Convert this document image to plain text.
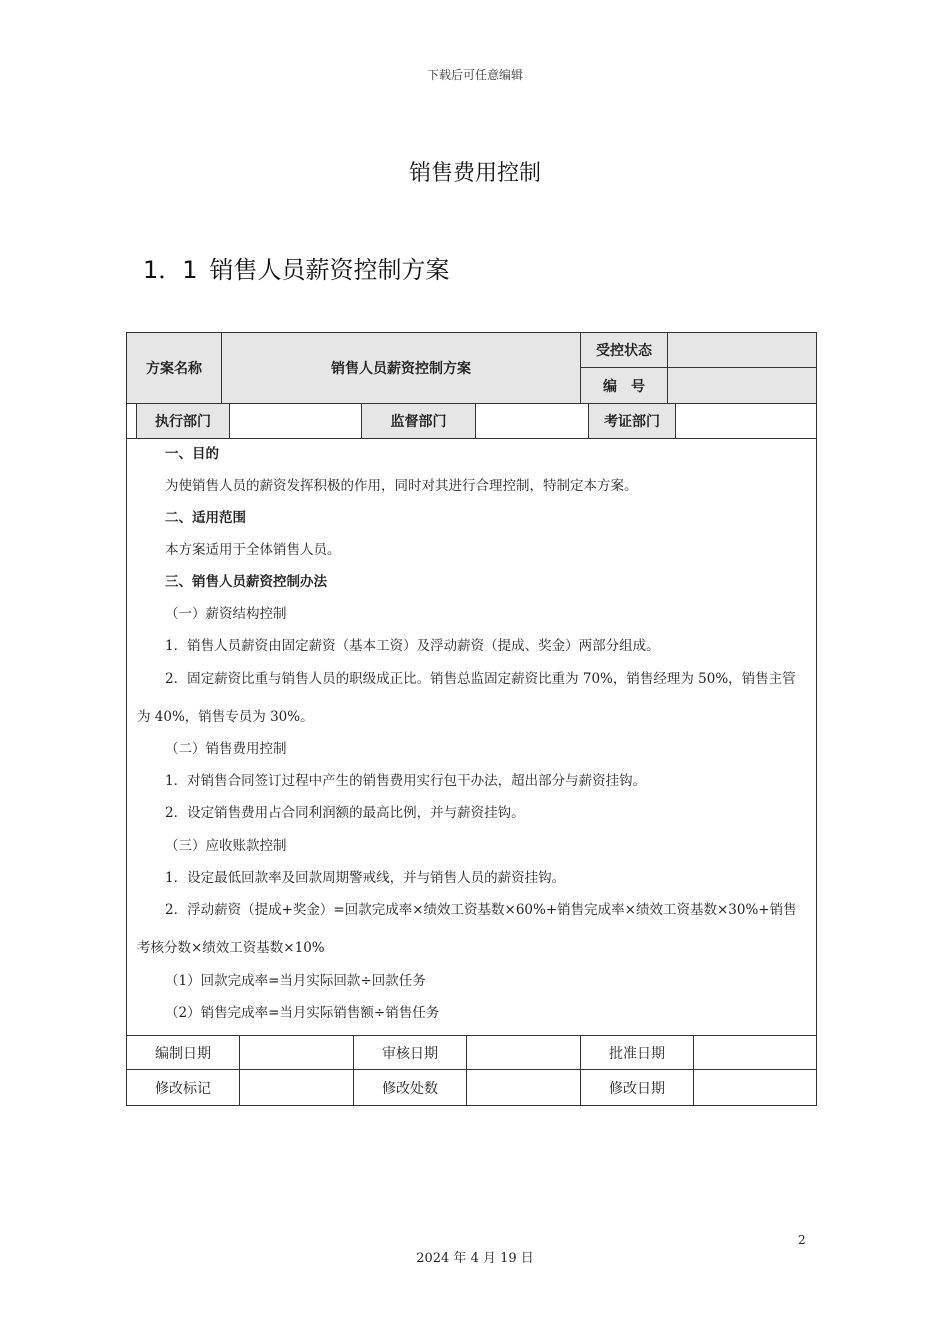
下载后可任意编辑
销售费用控制
1．1 销售人员薪资控制方案
方案名称	销售人员薪资控制方案
受控状态
编　号
执行部门	监督部门	考证部门
一、目的
为使销售人员的薪资发挥积极的作用，同时对其进行合理控制，特制定本方案。
二、适用范围
本方案适用于全体销售人员。
三、销售人员薪资控制办法
（一）薪资结构控制
1．销售人员薪资由固定薪资（基本工资）及浮动薪资（提成、奖金）两部分组成。
2．固定薪资比重与销售人员的职级成正比。销售总监固定薪资比重为 70%，销售经理为 50%，销售主管为 40%，销售专员为 30%。
（二）销售费用控制
1．对销售合同签订过程中产生的销售费用实行包干办法，超出部分与薪资挂钩。
2．设定销售费用占合同利润额的最高比例，并与薪资挂钩。
（三）应收账款控制
1．设定最低回款率及回款周期警戒线，并与销售人员的薪资挂钩。
2．浮动薪资（提成+奖金）=回款完成率×绩效工资基数×60%+销售完成率×绩效工资基数×30%+销售考核分数×绩效工资基数×10%
（1）回款完成率=当月实际回款÷回款任务
（2）销售完成率=当月实际销售额÷销售任务
编制日期	审核日期	批准日期
修改标记	修改处数	修改日期
2
2024 年 4 月 19 日
